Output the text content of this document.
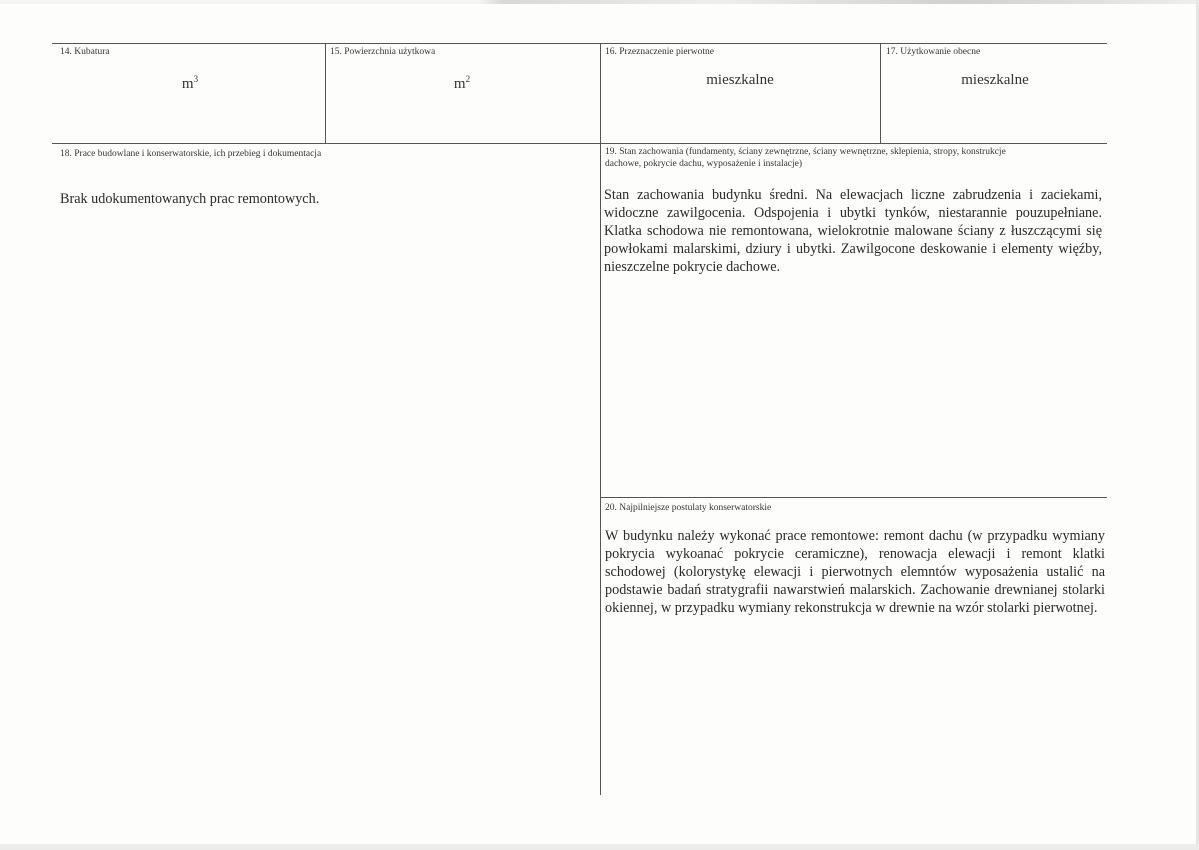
14. Kubatura
$m^3$
15. Powierzchnia użytkowa
$m^2$
16. Przeznaczenie pierwotne
mieszkalne
17. Użytkowanie obecne
mieszkalne
18. Prace budowlane i konserwatorskie, ich przebieg i dokumentacja
Brak udokumentowanych prac remontowych.
19. Stan zachowania (fundamenty, ściany zewnętrzne, ściany wewnętrzne, sklepienia, stropy, konstrukcje
dachowe, pokrycie dachu, wyposażenie i instalacje)
Stan zachowania budynku średni. Na elewacjach liczne zabrudzenia i zaciekami, widoczne zawilgocenia. Odspojenia i ubytki tynków, niestarannie pouzupełniane. Klatka schodowa nie remontowana, wielokrotnie malowane ściany z łuszczącymi się powłokami malarskimi, dziury i ubytki. Zawilgocone deskowanie i elementy więźby, nieszczelne pokrycie dachowe.
20. Najpilniejsze postulaty konserwatorskie
W budynku należy wykonać prace remontowe: remont dachu (w przypadku wymiany pokrycia wykoanać pokrycie ceramiczne), renowacja elewacji i remont klatki schodowej (kolorystykę elewacji i pierwotnych elemntów wyposażenia ustalić na podstawie badań stratygrafii nawarstwień malarskich. Zachowanie drewnianej stolarki okiennej, w przypadku wymiany rekonstrukcja w drewnie na wzór stolarki pierwotnej.
